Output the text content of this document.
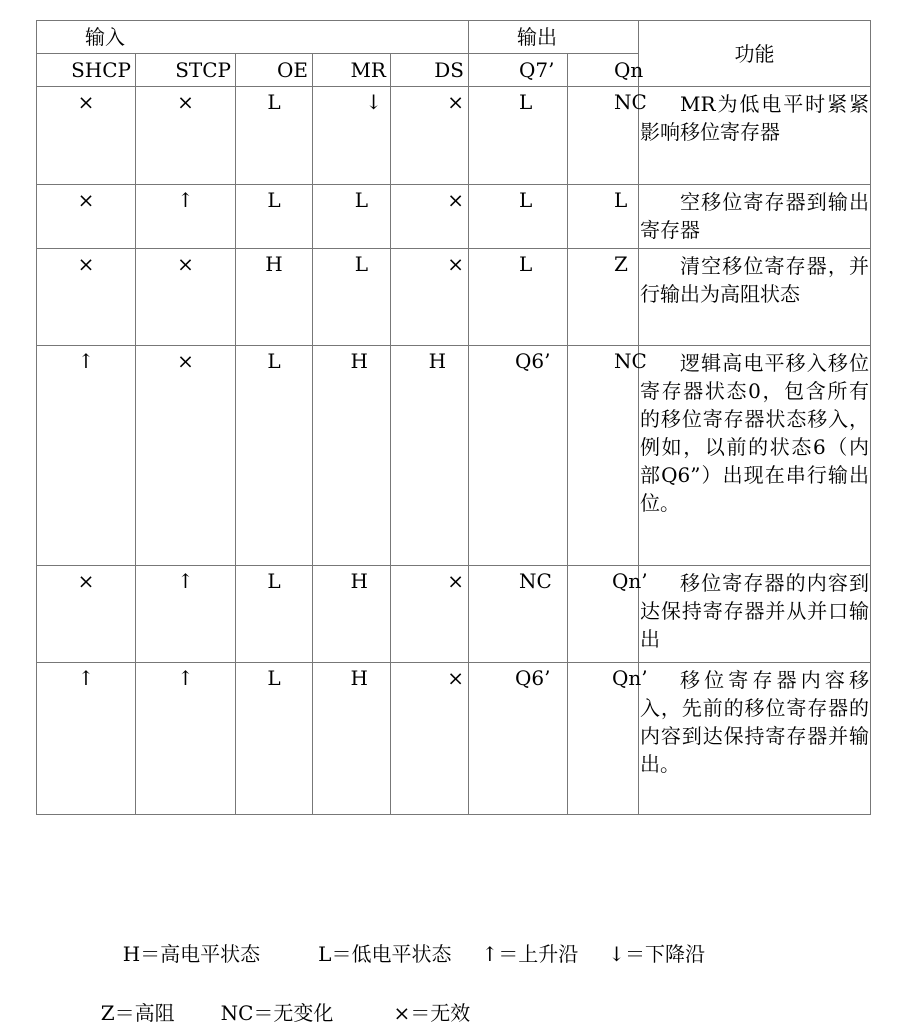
输入					输出		功能
SHCP	STCP	OE	MR	DS	Q7’	Qn	
×	×	L	↓	×	L	NC	MR为低电平时紧紧影响移位寄存器
×	↑	L	L	×	L	L	空移位寄存器到输出寄存器
×	×	H	L	×	L	Z	清空移位寄存器，并行输出为高阻状态
↑	×	L	H	H	Q6’	NC	逻辑高电平移入移位寄存器状态0，包含所有的移位寄存器状态移入，例如，以前的状态6（内部Q6”）出现在串行输出位。
×	↑	L	H	×	NC	Qn’	移位寄存器的内容到达保持寄存器并从并口输出
↑	↑	L	H	×	Q6’	Qn’	移位寄存器内容移入，先前的移位寄存器的内容到达保持寄存器并输出。

H＝高电平状态	L＝低电平状态 ↑＝上升沿 ↓＝下降沿

Z＝高阻 NC＝无变化	×＝无效
